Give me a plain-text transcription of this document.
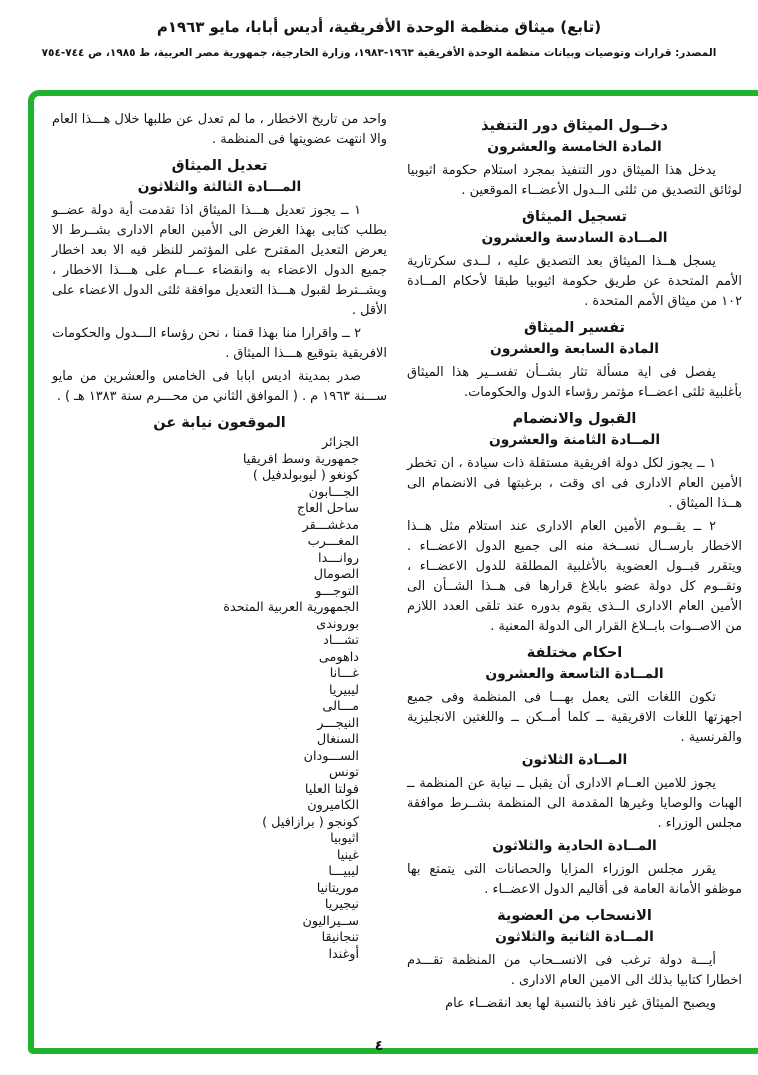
(تابع) ميثاق منظمة الوحدة الأفريقية، أديس أبابا، مايو ١٩٦٣م
المصدر: قرارات وتوصيات وبيانات منظمة الوحدة الأفريقية ١٩٦٣-١٩٨٣، وزارة الخارجية، جمهورية مصر العربية، ط ١٩٨٥، ص ٧٤٤-٧٥٤
دخــول الميثاق دور التنفيذ
المادة الخامسة والعشرون
يدخل هذا الميثاق دور التنفيذ بمجرد استلام حكومة اثيوبيا لوثائق التصديق من ثلثى الــدول الأعضــاء الموقعين .
تسجيل الميثاق
المــادة السادسة والعشرون
يسجل هــذا الميثاق بعد التصديق عليه ، لــدى سكرتارية الأمم المتحدة عن طريق حكومة اثيوبيا طبقا لأحكام المــادة ١٠٢ من ميثاق الأمم المتحدة .
تفسير الميثاق
المادة السابعة والعشرون
يفصل فى اية مسألة تثار بشــأن تفســير هذا الميثاق بأغلبية ثلثى اعضــاء مؤتمر رؤساء الدول والحكومات.
القبول والانضمام
المــادة الثامنة والعشرون
١ ــ يجوز لكل دولة افريقية مستقلة ذات سيادة ، ان تخطر الأمين العام الادارى فى اى وقت ، برغبتها فى الانضمام الى هــذا الميثاق .
٢ ــ يقــوم الأمين العام الادارى عند استلام مثل هــذا الاخطار بارســال نســخة منه الى جميع الدول الاعضــاء . ويتقرر قبــول العضوية بالأغلبية المطلقة للدول الاعضــاء ، وتقــوم كل دولة عضو بابلاغ قرارها فى هــذا الشــأن الى الأمين العام الادارى الــذى يقوم بدوره عند تلقى العدد اللازم من الاصــوات بابــلاغ القرار الى الدولة المعنية .
احكام مختلفة
المــادة التاسعة والعشرون
تكون اللغات التى يعمل بهـــا فى المنظمة وفى جميع اجهزتها اللغات الافريقية ــ كلما أمــكن ــ واللغتين الانجليزية والفرنسية .
المــادة الثلاثون
يجوز للامين العــام الادارى أن يقبل ــ نيابة عن المنظمة ــ الهبات والوصايا وغيرها المقدمة الى المنظمة بشــرط موافقة مجلس الوزراء .
المــادة الحادية والثلاثون
يقرر مجلس الوزراء المزايا والحصانات التى يتمتع بها موظفو الأمانة العامة فى أقاليم الدول الاعضــاء .
الانسحاب من العضوية
المــادة الثانية والثلاثون
أيـــة دولة ترغب فى الانســحاب من المنظمة تقـــدم اخطارا كتابيا بذلك الى الامين العام الادارى .
ويصبح الميثاق غير نافذ بالنسبة لها بعد انقضــاء عام
واحد من تاريخ الاخطار ، ما لم تعدل عن طلبها خلال هـــذا العام والا انتهت عضويتها فى المنظمة .
تعديل الميثاق
المـــادة الثالثة والثلاثون
١ ــ يجوز تعديل هـــذا الميثاق اذا تقدمت أية دولة عضــو بطلب كتابى بهذا الغرض الى الأمين العام الادارى بشــرط الا يعرض التعديل المقترح على المؤتمر للنظر فيه الا بعد اخطار جميع الدول الاعضاء به وانقضاء عـــام على هـــذا الاخطار ، ويشــترط لقبول هـــذا التعديل موافقة ثلثى الدول الاعضاء على الأقل .
٢ ــ واقرارا منا بهذا قمنا ، نحن رؤساء الـــدول والحكومات الافريقية بتوقيع هـــذا الميثاق .
صدر بمدينة اديس ابابا فى الخامس والعشرين من مايو ســـنة ١٩٦٣ م . ( الموافق الثاني من محـــرم سنة ١٣٨٣ هـ ) .
الموقعون نيابة عن
الجزائر
جمهورية وسط افريقيا
كونغو ( ليوبولدفيل )
الجـــابون
ساحل العاج
مدغشـــقر
المغـــرب
روانـــدا
الصومال
التوجـــو
الجمهورية العربية المتحدة
بوروندى
تشـــاد
داهومى
غـــانا
ليبيريا
مـــالى
النيجـــر
السنغال
الســـودان
تونس
فولتا العليا
الكاميرون
كونجو ( برازافيل )
اثيوبيا
غينيا
ليبيـــا
موريتانيا
نيجيريا
ســيراليون
تنجانيقا
أوغندا
٤
